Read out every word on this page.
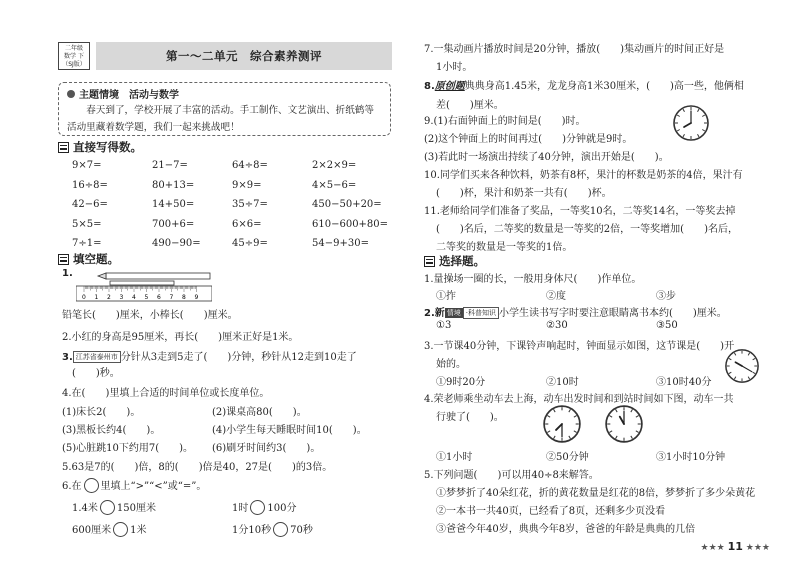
二年级
数学 下
（SJ版）
第一～二单元　综合素养测评
主题情境　活动与数学
春天到了，学校开展了丰富的活动。手工制作、文艺演出、折纸鹤等活动里藏着数学题，我们一起来挑战吧！
直接写得数。
9×7=	21−7=	64÷8=	2×2×9=
16÷8=	80+13=	9×9=	4×5−6=
42−6=	14+50=	35÷7=	450−50+20=
5×5=	700+6=	6×6=	610−600+80=
7÷1=	490−90=	45÷9=	54−9+30=
填空题。
1.
0 1 2 3 4 5 6 7 8 9
铅笔长(　　)厘米，小棒长(　　)厘米。
2.小红的身高是95厘米，再长(　　)厘米正好是1米。
3. 江苏省泰州市 分针从3走到5走了(　　)分钟，秒针从12走到10走了
(　　)秒。
4.在(　　)里填上合适的时间单位或长度单位。
(1)床长2(　　)。	(2)课桌高80(　　)。
(3)黑板长约4(　　)。	(4)小学生每天睡眠时间10(　　)。
(5)心脏跳10下约用7(　　)。 (6)刷牙时间约3(　　)。
5.63是7的(　　)倍，8的(　　)倍是40，27是(　　)的3倍。
6.在 里填上“>”“<”或“=”。
1.4米 150厘米	1时 100分
600厘米 1米	1分10秒 70秒
7.一集动画片播放时间是20分钟，播放(　　)集动画片的时间正好是
1小时。
8.原创题典典身高1.45米，龙龙身高1米30厘米，(　　)高一些，他俩相
差(　　)厘米。
9.(1)右面钟面上的时间是(　　)时。
(2)这个钟面上的时间再过(　　)分钟就是9时。
(3)若此时一场演出持续了40分钟，演出开始是(　　)。
10.同学们买来各种饮料，奶茶有8杯，果汁的杯数是奶茶的4倍，果汁有
(　　)杯，果汁和奶茶一共有(　　)杯。
11.老师给同学们准备了奖品，一等奖10名，二等奖14名，一等奖去掉
(　　)名后，二等奖的数量是一等奖的2倍，一等奖增加(　　)名后，
二等奖的数量是一等奖的1倍。
选择题。
1.量操场一圈的长，一般用身体尺(　　)作单位。
①拃	②度	③步
2.新 情境 ·科普知识 小学生读书写字时要注意眼睛离书本约(　　)厘米。
①3	②30	③50
3.一节课40分钟，下课铃声响起时，钟面显示如图，这节课是(　　)开
始的。
①9时20分	②10时	③10时40分
4.荣老师乘坐动车去上海，动车出发时间和到站时间如下图，动车一共
行驶了(　　)。
①1小时	②50分钟	③1小时10分钟
5.下列问题(　　)可以用40÷8来解答。
①梦梦折了40朵红花，折的黄花数量是红花的8倍，梦梦折了多少朵黄花
②一本书一共40页，已经看了8页，还剩多少页没看
③爸爸今年40岁，典典今年8岁，爸爸的年龄是典典的几倍
★★★ 11 ★★★
